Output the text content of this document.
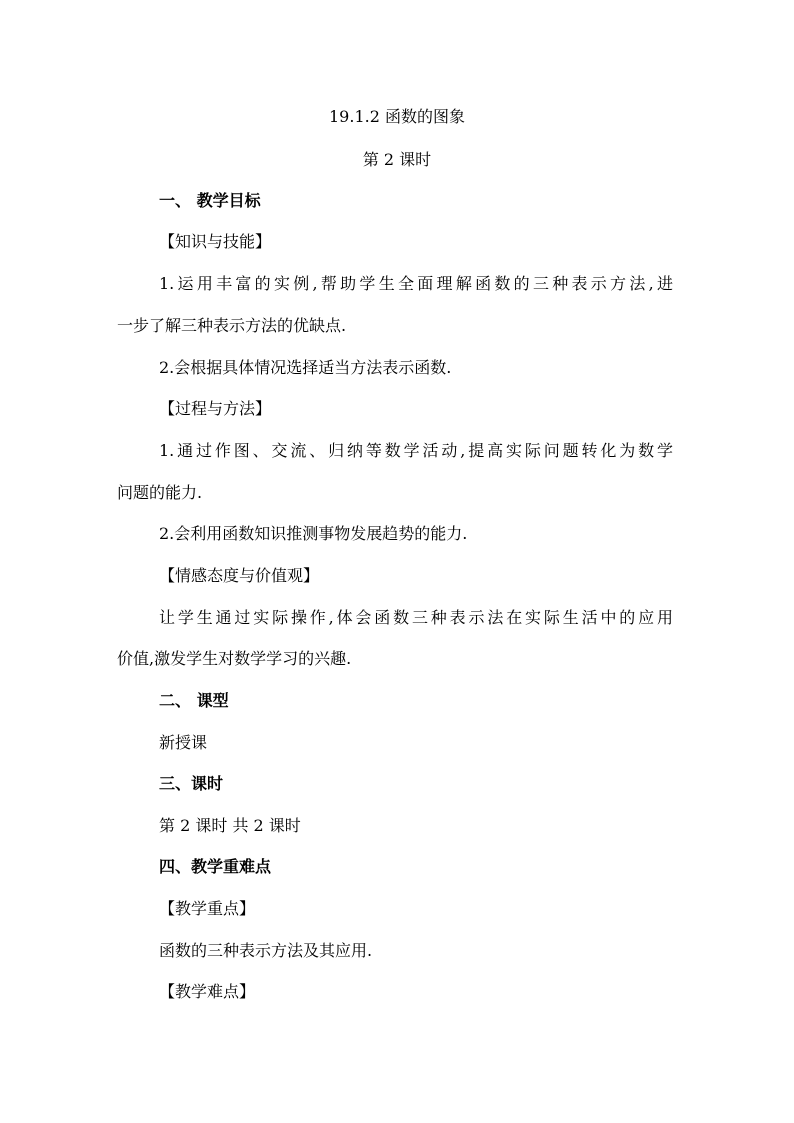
19.1.2 函数的图象
第 2 课时
一、 教学目标
【知识与技能】
1.运用丰富的实例,帮助学生全面理解函数的三种表示方法,进
一步了解三种表示方法的优缺点.
2.会根据具体情况选择适当方法表示函数.
【过程与方法】
1.通过作图、交流、归纳等数学活动,提高实际问题转化为数学
问题的能力.
2.会利用函数知识推测事物发展趋势的能力.
【情感态度与价值观】
让学生通过实际操作,体会函数三种表示法在实际生活中的应用
价值,激发学生对数学学习的兴趣.
二、 课型
新授课
三、课时
第 2 课时 共 2 课时
四、教学重难点
【教学重点】
函数的三种表示方法及其应用.
【教学难点】
